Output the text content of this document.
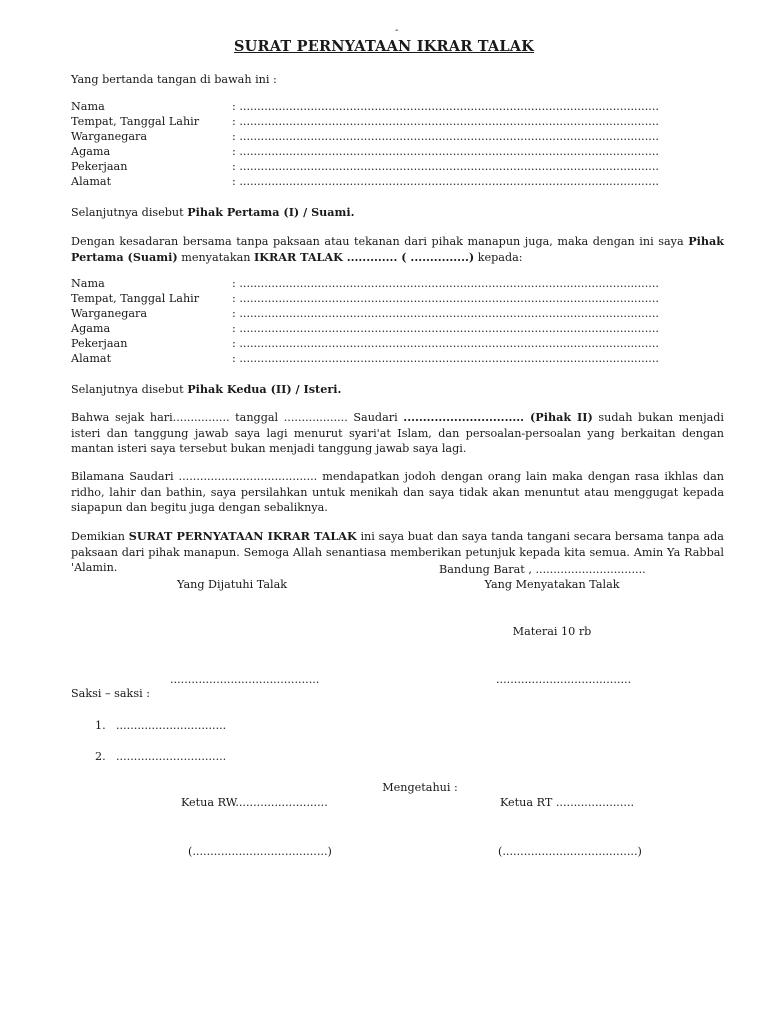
-
SURAT PERNYATAAN IKRAR TALAK
Yang bertanda tangan di bawah ini :
Nama	: ......................................................................................................................
Tempat, Tanggal Lahir	: ......................................................................................................................
Warganegara	: ......................................................................................................................
Agama	: ......................................................................................................................
Pekerjaan	: ......................................................................................................................
Alamat	: ......................................................................................................................
Selanjutnya disebut Pihak Pertama (I) / Suami.
Dengan kesadaran bersama tanpa paksaan atau tekanan dari pihak manapun juga, maka dengan ini saya Pihak Pertama (Suami) menyatakan IKRAR TALAK ............. ( ...............) kepada:
Nama	: ......................................................................................................................
Tempat, Tanggal Lahir	: ......................................................................................................................
Warganegara	: ......................................................................................................................
Agama	: ......................................................................................................................
Pekerjaan	: ......................................................................................................................
Alamat	: ......................................................................................................................
Selanjutnya disebut Pihak Kedua (II) / Isteri.
Bahwa sejak hari................ tanggal .................. Saudari ............................... (Pihak II) sudah bukan menjadi isteri dan tanggung jawab saya lagi menurut syari'at Islam, dan persoalan-persoalan yang berkaitan dengan mantan isteri saya tersebut bukan menjadi tanggung jawab saya lagi.
Bilamana Saudari ....................................... mendapatkan jodoh dengan orang lain maka dengan rasa ikhlas dan ridho, lahir dan bathin, saya persilahkan untuk menikah dan saya tidak akan menuntut atau menggugat kepada siapapun dan begitu juga dengan sebaliknya.
Demikian SURAT PERNYATAAN IKRAR TALAK ini saya buat dan saya tanda tangani secara bersama tanpa ada paksaan dari pihak manapun. Semoga Allah senantiasa memberikan petunjuk kepada kita semua. Amin Ya Rabbal 'Alamin.	Bandung Barat , ...............................
Yang Dijatuhi Talak	Yang Menyatakan Talak
Materai 10 rb
..........................................	......................................
Saksi – saksi :
1. ...............................
2. ...............................
Mengetahui :
Ketua RW..........................	Ketua RT ......................
(......................................)	(......................................)
